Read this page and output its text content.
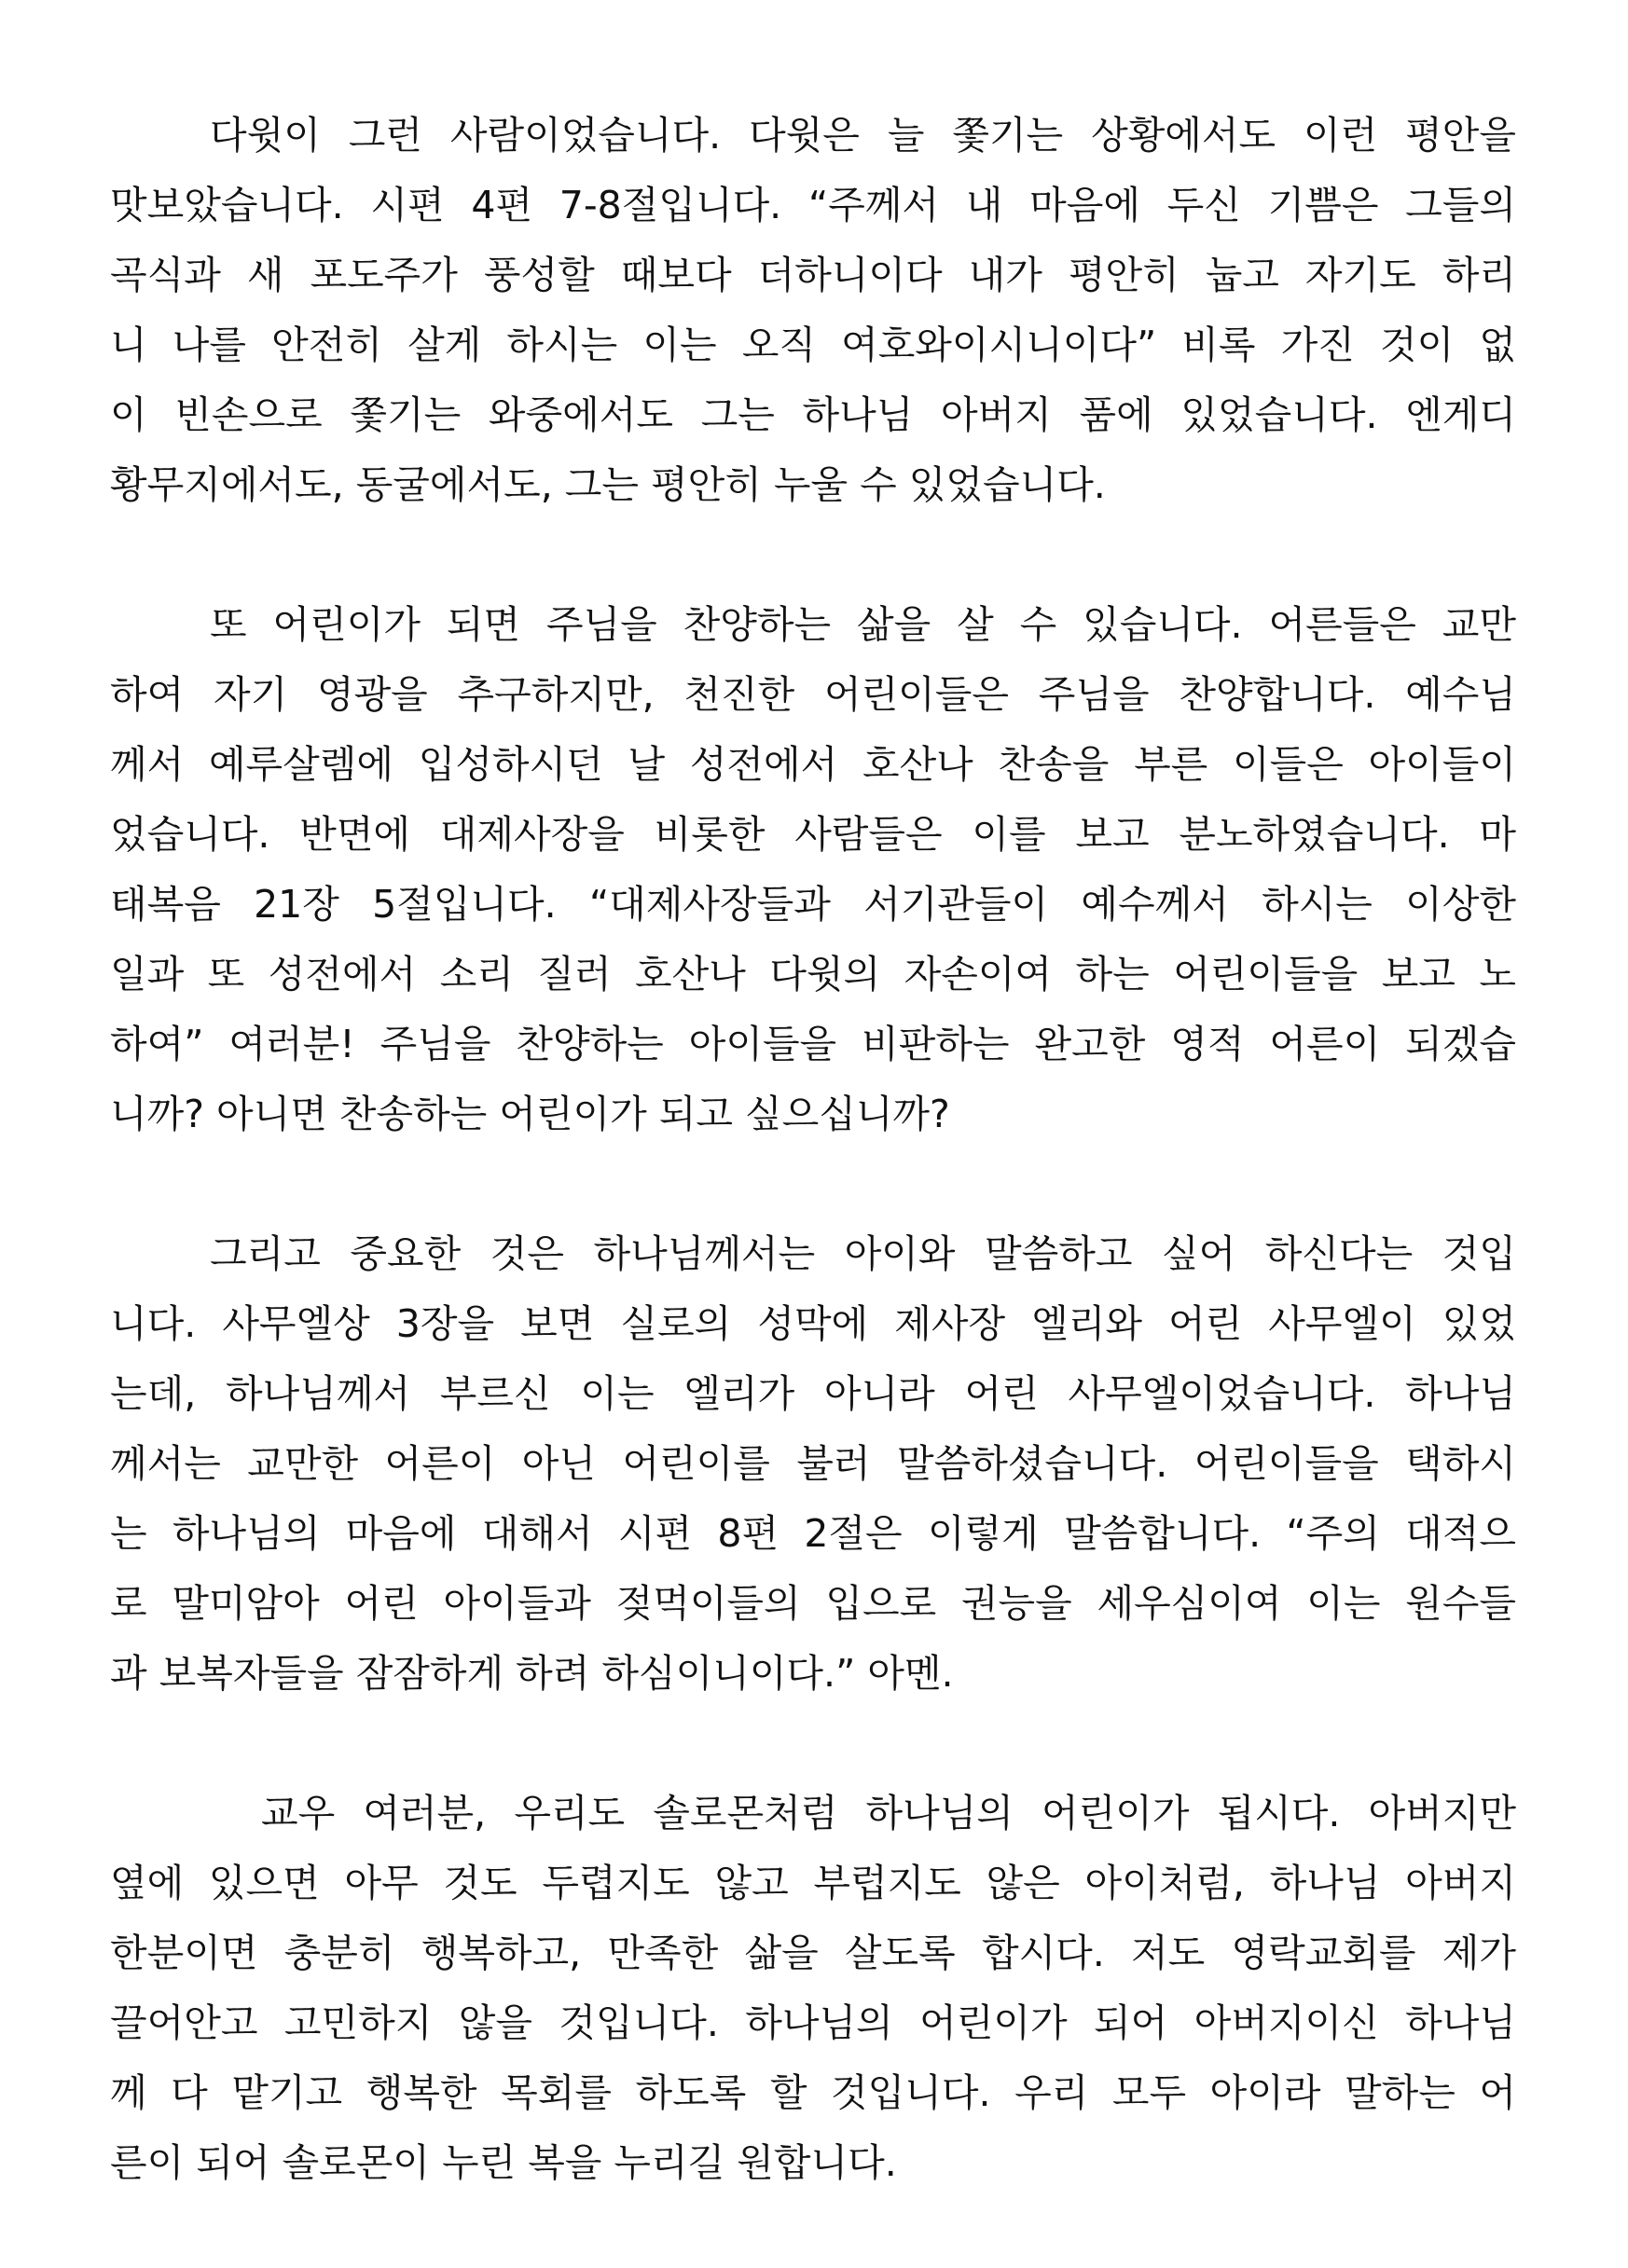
다윗이 그런 사람이었습니다. 다윗은 늘 쫓기는 상황에서도 이런 평안을
맛보았습니다. 시편 4편 7-8절입니다. “주께서 내 마음에 두신 기쁨은 그들의
곡식과 새 포도주가 풍성할 때보다 더하니이다 내가 평안히 눕고 자기도 하리
니 나를 안전히 살게 하시는 이는 오직 여호와이시니이다” 비록 가진 것이 없
이 빈손으로 쫓기는 와중에서도 그는 하나님 아버지 품에 있었습니다. 엔게디
황무지에서도, 동굴에서도, 그는 평안히 누울 수 있었습니다.
또 어린이가 되면 주님을 찬양하는 삶을 살 수 있습니다. 어른들은 교만
하여 자기 영광을 추구하지만, 천진한 어린이들은 주님을 찬양합니다. 예수님
께서 예루살렘에 입성하시던 날 성전에서 호산나 찬송을 부른 이들은 아이들이
었습니다. 반면에 대제사장을 비롯한 사람들은 이를 보고 분노하였습니다. 마
태복음 21장 5절입니다. “대제사장들과 서기관들이 예수께서 하시는 이상한
일과 또 성전에서 소리 질러 호산나 다윗의 자손이여 하는 어린이들을 보고 노
하여” 여러분! 주님을 찬양하는 아이들을 비판하는 완고한 영적 어른이 되겠습
니까? 아니면 찬송하는 어린이가 되고 싶으십니까?
그리고 중요한 것은 하나님께서는 아이와 말씀하고 싶어 하신다는 것입
니다. 사무엘상 3장을 보면 실로의 성막에 제사장 엘리와 어린 사무엘이 있었
는데, 하나님께서 부르신 이는 엘리가 아니라 어린 사무엘이었습니다. 하나님
께서는 교만한 어른이 아닌 어린이를 불러 말씀하셨습니다. 어린이들을 택하시
는 하나님의 마음에 대해서 시편 8편 2절은 이렇게 말씀합니다. “주의 대적으
로 말미암아 어린 아이들과 젖먹이들의 입으로 권능을 세우심이여 이는 원수들
과 보복자들을 잠잠하게 하려 하심이니이다.” 아멘.
교우 여러분, 우리도 솔로몬처럼 하나님의 어린이가 됩시다. 아버지만
옆에 있으면 아무 것도 두렵지도 않고 부럽지도 않은 아이처럼, 하나님 아버지
한분이면 충분히 행복하고, 만족한 삶을 살도록 합시다. 저도 영락교회를 제가
끌어안고 고민하지 않을 것입니다. 하나님의 어린이가 되어 아버지이신 하나님
께 다 맡기고 행복한 목회를 하도록 할 것입니다. 우리 모두 아이라 말하는 어
른이 되어 솔로몬이 누린 복을 누리길 원합니다.
